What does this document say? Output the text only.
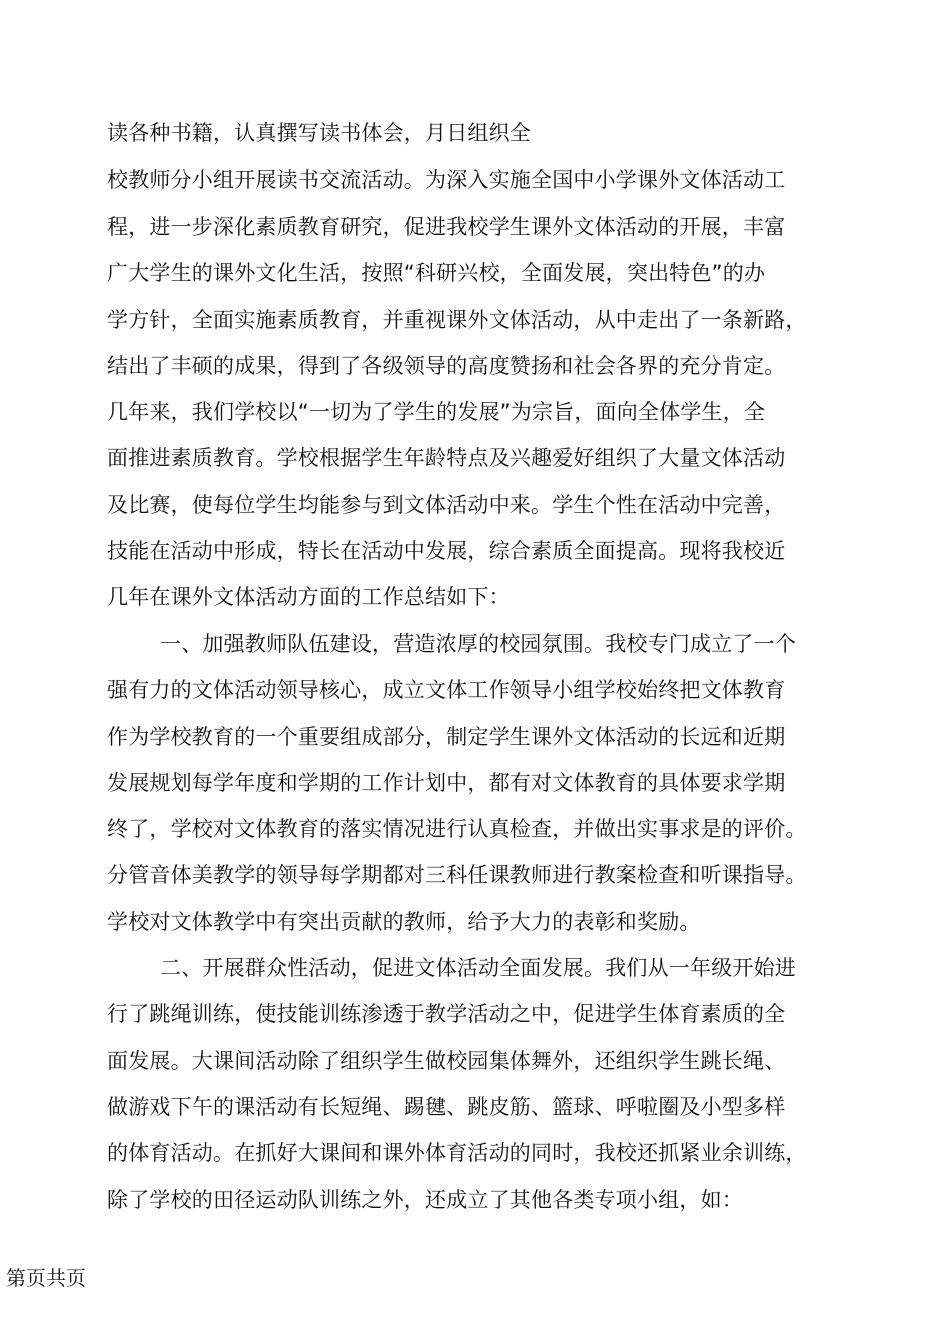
读各种书籍，认真撰写读书体会，月日组织全
校教师分小组开展读书交流活动。为深入实施全国中小学课外文体活动工
程，进一步深化素质教育研究，促进我校学生课外文体活动的开展，丰富
广大学生的课外文化生活，按照“科研兴校，全面发展，突出特色”的办
学方针，全面实施素质教育，并重视课外文体活动，从中走出了一条新路，
结出了丰硕的成果，得到了各级领导的高度赞扬和社会各界的充分肯定。
几年来，我们学校以“一切为了学生的发展”为宗旨，面向全体学生，全
面推进素质教育。学校根据学生年龄特点及兴趣爱好组织了大量文体活动
及比赛，使每位学生均能参与到文体活动中来。学生个性在活动中完善，
技能在活动中形成，特长在活动中发展，综合素质全面提高。现将我校近
几年在课外文体活动方面的工作总结如下：
一、加强教师队伍建设，营造浓厚的校园氛围。我校专门成立了一个
强有力的文体活动领导核心，成立文体工作领导小组学校始终把文体教育
作为学校教育的一个重要组成部分，制定学生课外文体活动的长远和近期
发展规划每学年度和学期的工作计划中，都有对文体教育的具体要求学期
终了，学校对文体教育的落实情况进行认真检查，并做出实事求是的评价。
分管音体美教学的领导每学期都对三科任课教师进行教案检查和听课指导。
学校对文体教学中有突出贡献的教师，给予大力的表彰和奖励。
二、开展群众性活动，促进文体活动全面发展。我们从一年级开始进
行了跳绳训练，使技能训练渗透于教学活动之中，促进学生体育素质的全
面发展。大课间活动除了组织学生做校园集体舞外，还组织学生跳长绳、
做游戏下午的课活动有长短绳、踢毽、跳皮筋、篮球、呼啦圈及小型多样
的体育活动。在抓好大课间和课外体育活动的同时，我校还抓紧业余训练，
除了学校的田径运动队训练之外，还成立了其他各类专项小组，如：
第页共页
